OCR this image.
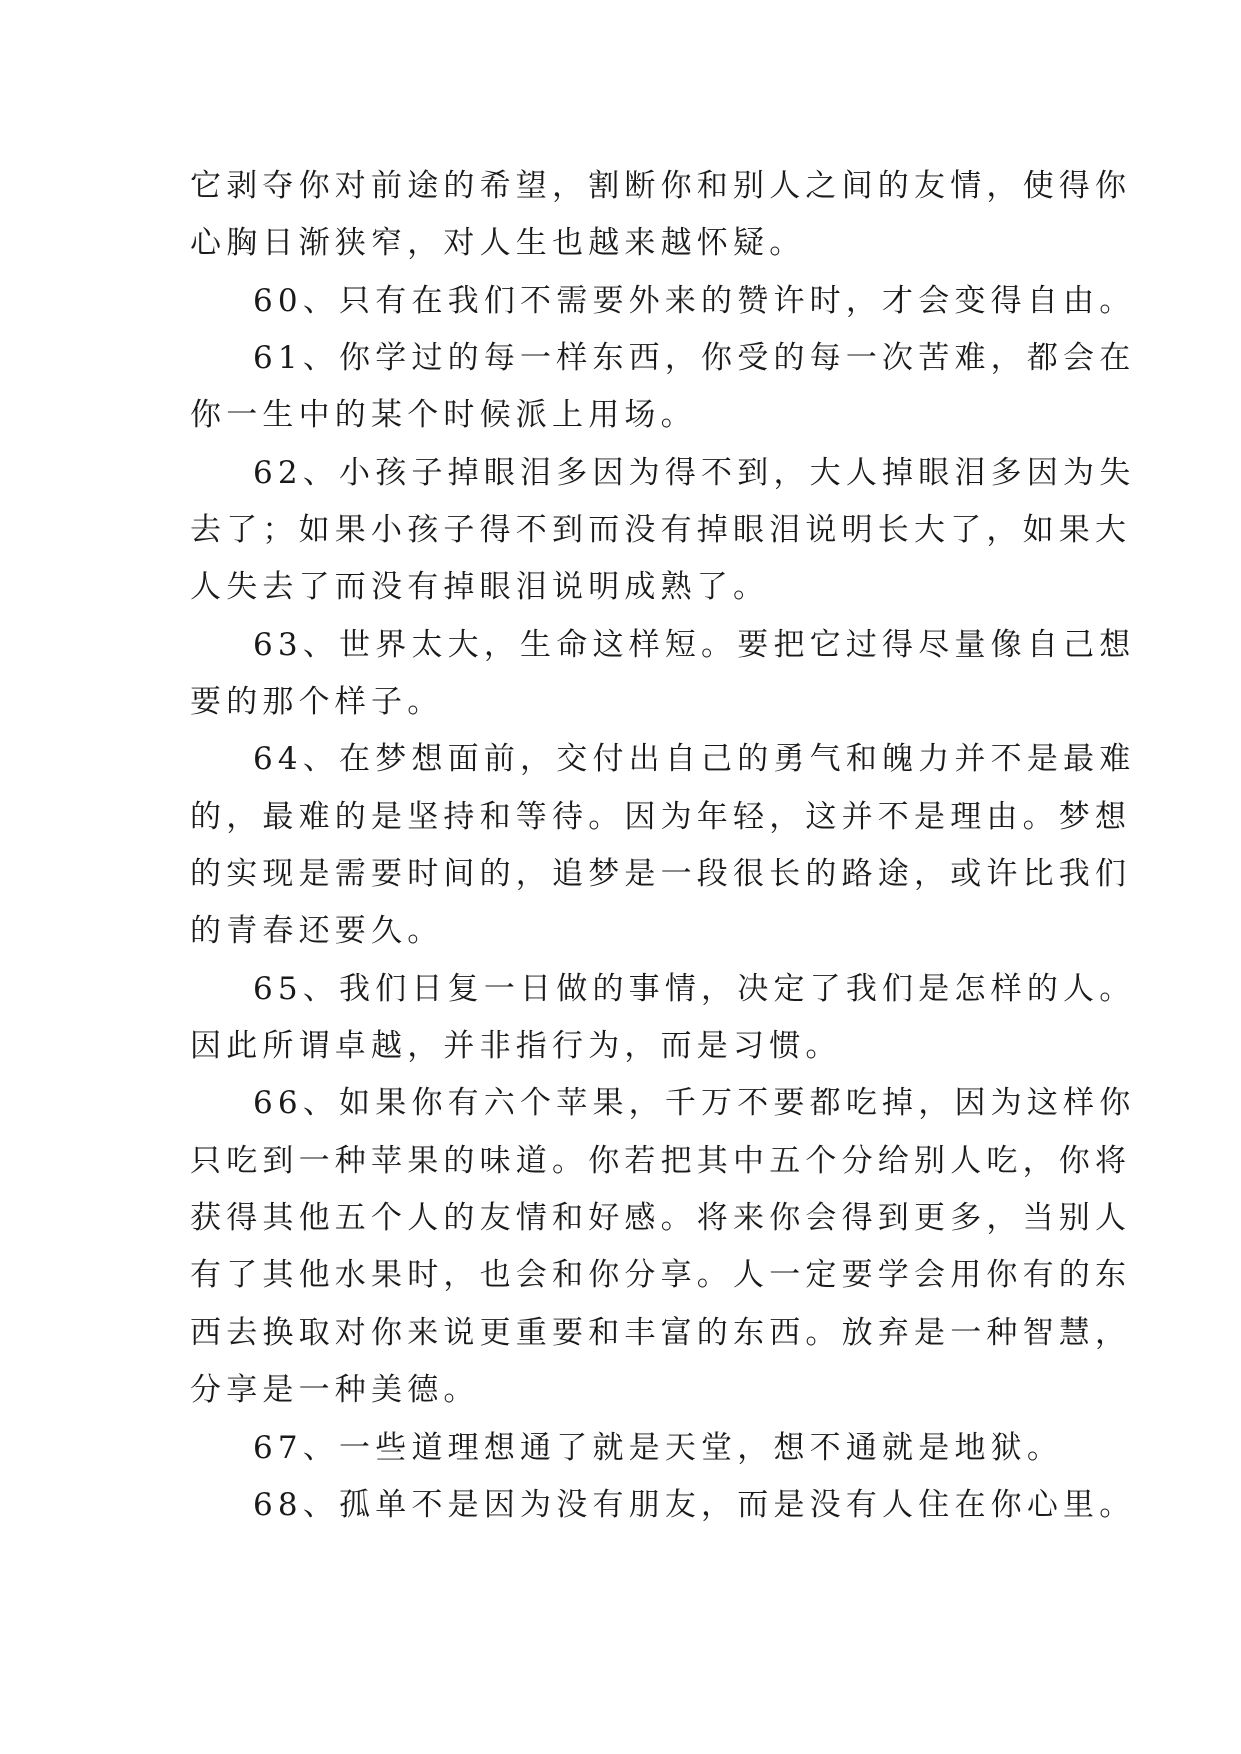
它剥夺你对前途的希望，割断你和别人之间的友情，使得你
心胸日渐狭窄，对人生也越来越怀疑。
60、只有在我们不需要外来的赞许时，才会变得自由。
61、你学过的每一样东西，你受的每一次苦难，都会在
你一生中的某个时候派上用场。
62、小孩子掉眼泪多因为得不到，大人掉眼泪多因为失
去了；如果小孩子得不到而没有掉眼泪说明长大了，如果大
人失去了而没有掉眼泪说明成熟了。
63、世界太大，生命这样短。要把它过得尽量像自己想
要的那个样子。
64、在梦想面前，交付出自己的勇气和魄力并不是最难
的，最难的是坚持和等待。因为年轻，这并不是理由。梦想
的实现是需要时间的，追梦是一段很长的路途，或许比我们
的青春还要久。
65、我们日复一日做的事情，决定了我们是怎样的人。
因此所谓卓越，并非指行为，而是习惯。
66、如果你有六个苹果，千万不要都吃掉，因为这样你
只吃到一种苹果的味道。你若把其中五个分给别人吃，你将
获得其他五个人的友情和好感。将来你会得到更多，当别人
有了其他水果时，也会和你分享。人一定要学会用你有的东
西去换取对你来说更重要和丰富的东西。放弃是一种智慧，
分享是一种美德。
67、一些道理想通了就是天堂，想不通就是地狱。
68、孤单不是因为没有朋友，而是没有人住在你心里。
